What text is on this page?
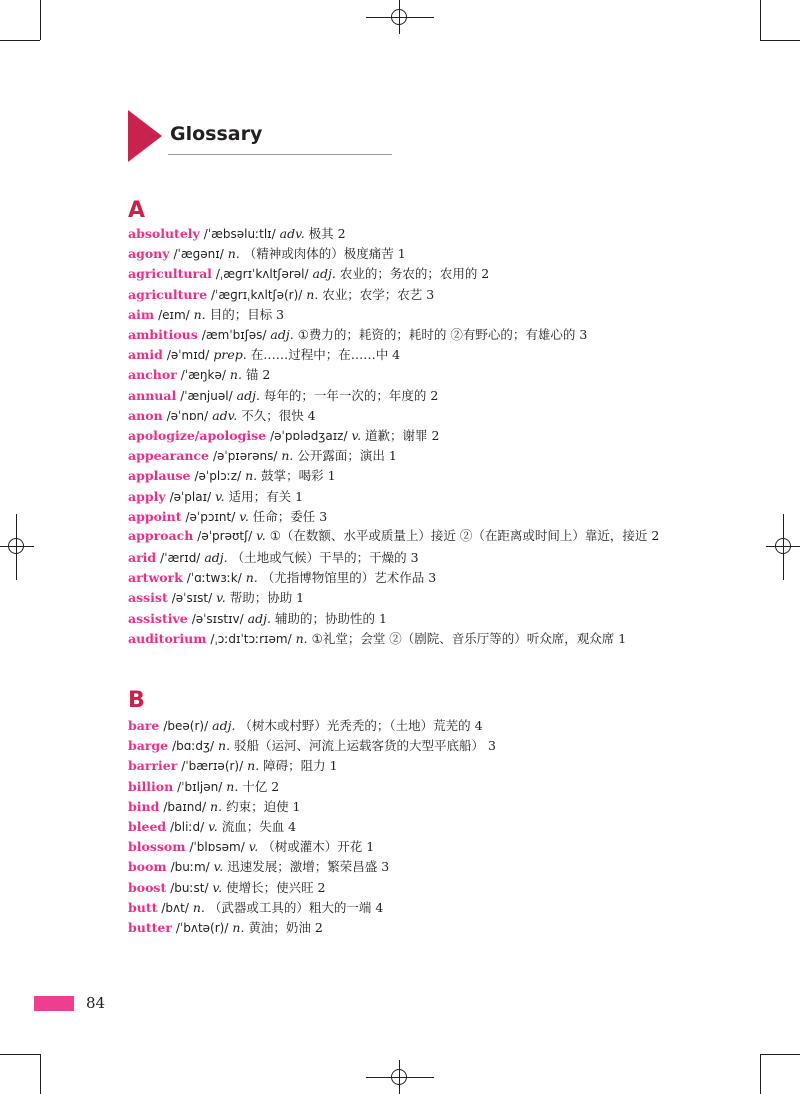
Glossary
A
absolutely /ˈæbsəluːtlɪ/ adv. 极其 2
agony /ˈæɡənɪ/ n. （精神或肉体的）极度痛苦 1
agricultural /ˌæɡrɪˈkʌltʃərəl/ adj. 农业的；务农的；农用的 2
agriculture /ˈæɡrɪˌkʌltʃə(r)/ n. 农业；农学；农艺 3
aim /eɪm/ n. 目的；目标 3
ambitious /æmˈbɪʃəs/ adj. ①费力的；耗资的；耗时的 ②有野心的；有雄心的 3
amid /əˈmɪd/ prep. 在……过程中；在……中 4
anchor /ˈæŋkə/ n. 锚 2
annual /ˈænjuəl/ adj. 每年的；一年一次的；年度的 2
anon /əˈnɒn/ adv. 不久；很快 4
apologize/apologise /əˈpɒlədʒaɪz/ v. 道歉；谢罪 2
appearance /əˈpɪərəns/ n. 公开露面；演出 1
applause /əˈplɔːz/ n. 鼓掌；喝彩 1
apply /əˈplaɪ/ v. 适用；有关 1
appoint /əˈpɔɪnt/ v. 任命；委任 3
approach /əˈprəʊtʃ/ v. ①（在数额、水平或质量上）接近 ②（在距离或时间上）靠近，接近 2
arid /ˈærɪd/ adj. （土地或气候）干旱的；干燥的 3
artwork /ˈɑːtwɜːk/ n. （尤指博物馆里的）艺术作品 3
assist /əˈsɪst/ v. 帮助；协助 1
assistive /əˈsɪstɪv/ adj. 辅助的；协助性的 1
auditorium /ˌɔːdɪˈtɔːrɪəm/ n. ①礼堂；会堂 ②（剧院、音乐厅等的）听众席，观众席 1
B
bare /beə(r)/ adj. （树木或村野）光秃秃的；（土地）荒芜的 4
barge /bɑːdʒ/ n. 驳船（运河、河流上运载客货的大型平底船） 3
barrier /ˈbærɪə(r)/ n. 障碍；阻力 1
billion /ˈbɪljən/ n. 十亿 2
bind /baɪnd/ n. 约束；迫使 1
bleed /bliːd/ v. 流血；失血 4
blossom /ˈblɒsəm/ v. （树或灌木）开花 1
boom /buːm/ v. 迅速发展；激增；繁荣昌盛 3
boost /buːst/ v. 使增长；使兴旺 2
butt /bʌt/ n. （武器或工具的）粗大的一端 4
butter /ˈbʌtə(r)/ n. 黄油；奶油 2
84
